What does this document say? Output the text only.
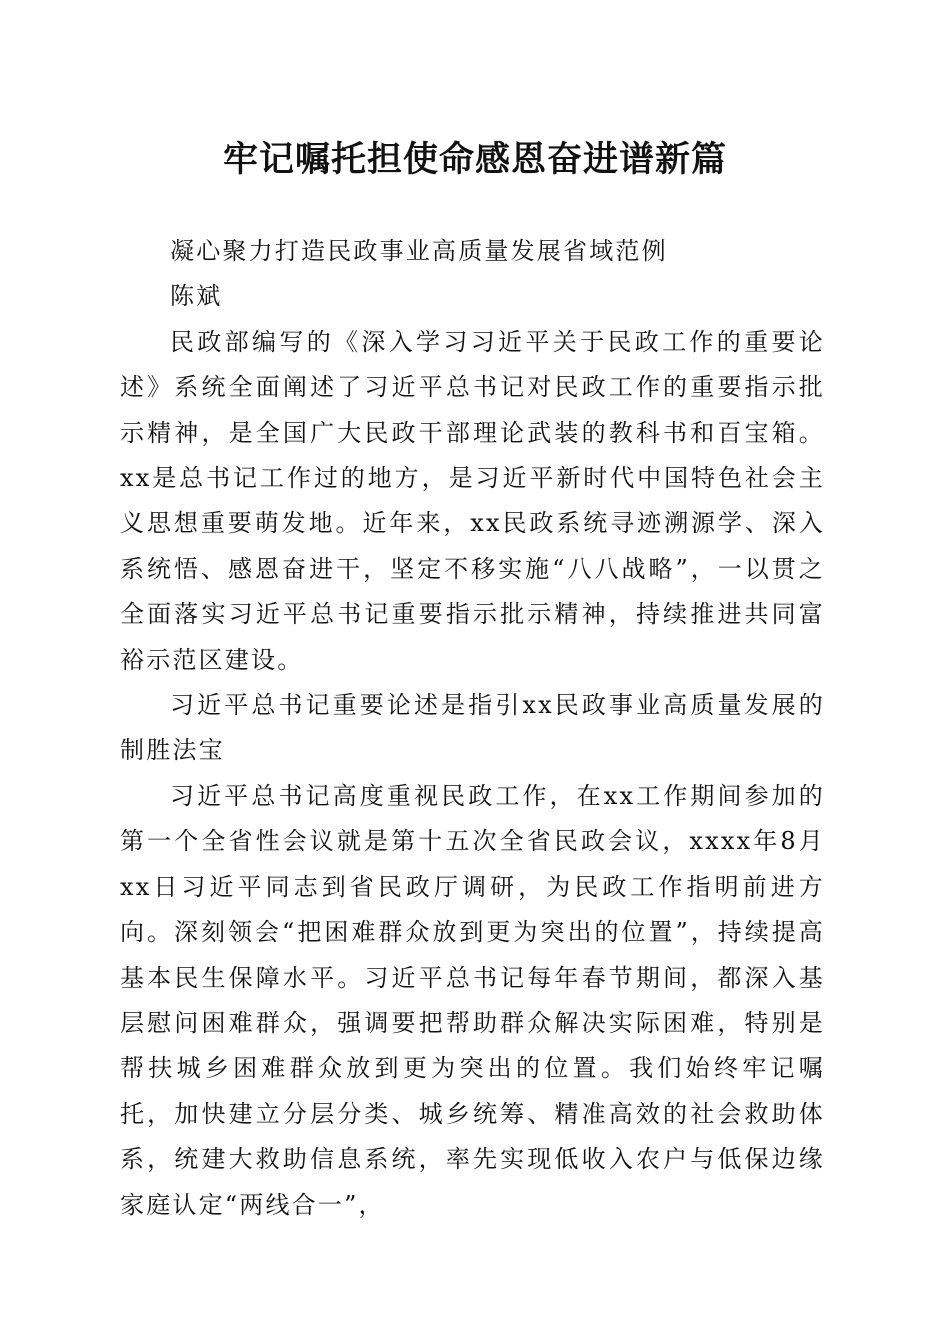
牢记嘱托担使命感恩奋进谱新篇

凝心聚力打造民政事业高质量发展省域范例

陈斌

民政部编写的《深入学习习近平关于民政工作的重要论述》系统全面阐述了习近平总书记对民政工作的重要指示批示精神，是全国广大民政干部理论武装的教科书和百宝箱。xx是总书记工作过的地方，是习近平新时代中国特色社会主义思想重要萌发地。近年来，xx民政系统寻迹溯源学、深入系统悟、感恩奋进干，坚定不移实施“八八战略”，一以贯之全面落实习近平总书记重要指示批示精神，持续推进共同富裕示范区建设。

习近平总书记重要论述是指引xx民政事业高质量发展的制胜法宝

习近平总书记高度重视民政工作，在xx工作期间参加的第一个全省性会议就是第十五次全省民政会议，xxxx年8月xx日习近平同志到省民政厅调研，为民政工作指明前进方向。深刻领会“把困难群众放到更为突出的位置”，持续提高基本民生保障水平。习近平总书记每年春节期间，都深入基层慰问困难群众，强调要把帮助群众解决实际困难，特别是帮扶城乡困难群众放到更为突出的位置。我们始终牢记嘱托，加快建立分层分类、城乡统筹、精准高效的社会救助体系，统建大救助信息系统，率先实现低收入农户与低保边缘家庭认定“两线合一”，
